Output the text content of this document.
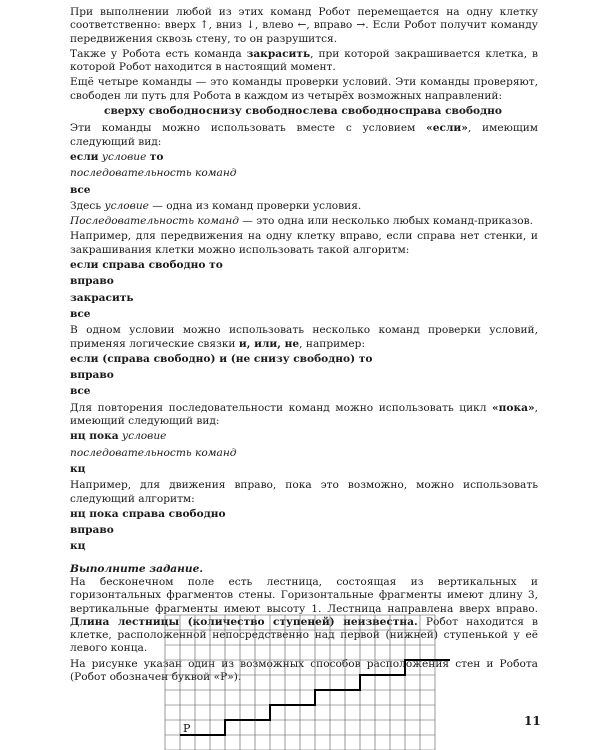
При выполнении любой из этих команд Робот перемещается на одну клетку соответственно: вверх ↑, вниз ↓, влево ←, вправо →. Если Робот получит команду передвижения сквозь стену, то он разрушится.

Также у Робота есть команда закрасить, при которой закрашивается клетка, в которой Робот находится в настоящий момент.

Ещё четыре команды — это команды проверки условий. Эти команды проверяют, свободен ли путь для Робота в каждом из четырёх возможных направлений:

сверху свободно снизу свободно слева свободно справа свободно

Эти команды можно использовать вместе с условием «если», имеющим следующий вид:

если условие то

последовательность команд

все

Здесь условие — одна из команд проверки условия.

Последовательность команд — это одна или несколько любых команд-приказов.

Например, для передвижения на одну клетку вправо, если справа нет стенки, и закрашивания клетки можно использовать такой алгоритм:

если справа свободно то

вправо

закрасить

все

В одном условии можно использовать несколько команд проверки условий, применяя логические связки и, или, не, например:

если (справа свободно) и (не снизу свободно) то

вправо

все

Для повторения последовательности команд можно использовать цикл «пока», имеющий следующий вид:

нц пока условие

последовательность команд

кц

Например, для движения вправо, пока это возможно, можно использовать следующий алгоритм:

нц пока справа свободно

вправо

кц

Выполните задание.

На бесконечном поле есть лестница, состоящая из вертикальных и горизонтальных фрагментов стены. Горизонтальные фрагменты имеют длину 3, вертикальные фрагменты имеют высоту 1. Лестница направлена вверх вправо. Длина лестницы (количество ступеней) неизвестна. Робот находится в клетке, расположенной непосредственно над первой (нижней) ступенькой у её левого конца.

На рисунке указан один из возможных способов расположения стен и Робота (Робот обозначен буквой «Р»).

Р
11
